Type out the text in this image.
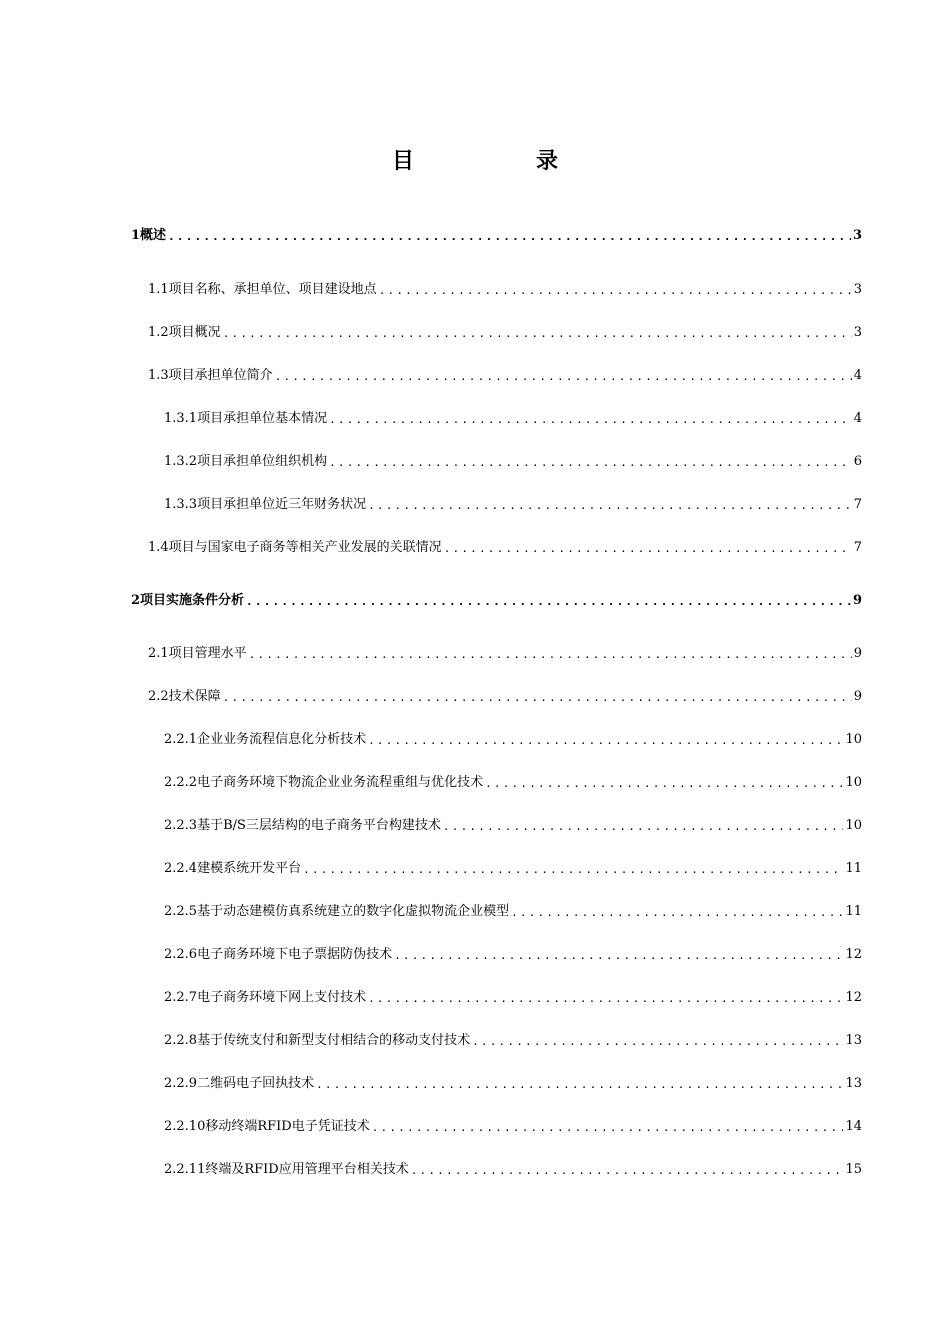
目　录
1概述 .....	3
1.1项目名称、承担单位、项目建设地点 .....	3
1.2项目概况 .....	3
1.3项目承担单位简介 .....	4
1.3.1项目承担单位基本情况 .....	4
1.3.2项目承担单位组织机构 .....	6
1.3.3项目承担单位近三年财务状况 .....	7
1.4项目与国家电子商务等相关产业发展的关联情况 .....	7
2项目实施条件分析 .....	9
2.1项目管理水平 .....	9
2.2技术保障 .....	9
2.2.1企业业务流程信息化分析技术 .....	10
2.2.2电子商务环境下物流企业业务流程重组与优化技术 .....	10
2.2.3基于B/S三层结构的电子商务平台构建技术 .....	10
2.2.4建模系统开发平台 .....	11
2.2.5基于动态建模仿真系统建立的数字化虚拟物流企业模型 .....	11
2.2.6电子商务环境下电子票据防伪技术 .....	12
2.2.7电子商务环境下网上支付技术 .....	12
2.2.8基于传统支付和新型支付相结合的移动支付技术 .....	13
2.2.9二维码电子回执技术 .....	13
2.2.10移动终端RFID电子凭证技术 .....	14
2.2.11终端及RFID应用管理平台相关技术 .....	15
